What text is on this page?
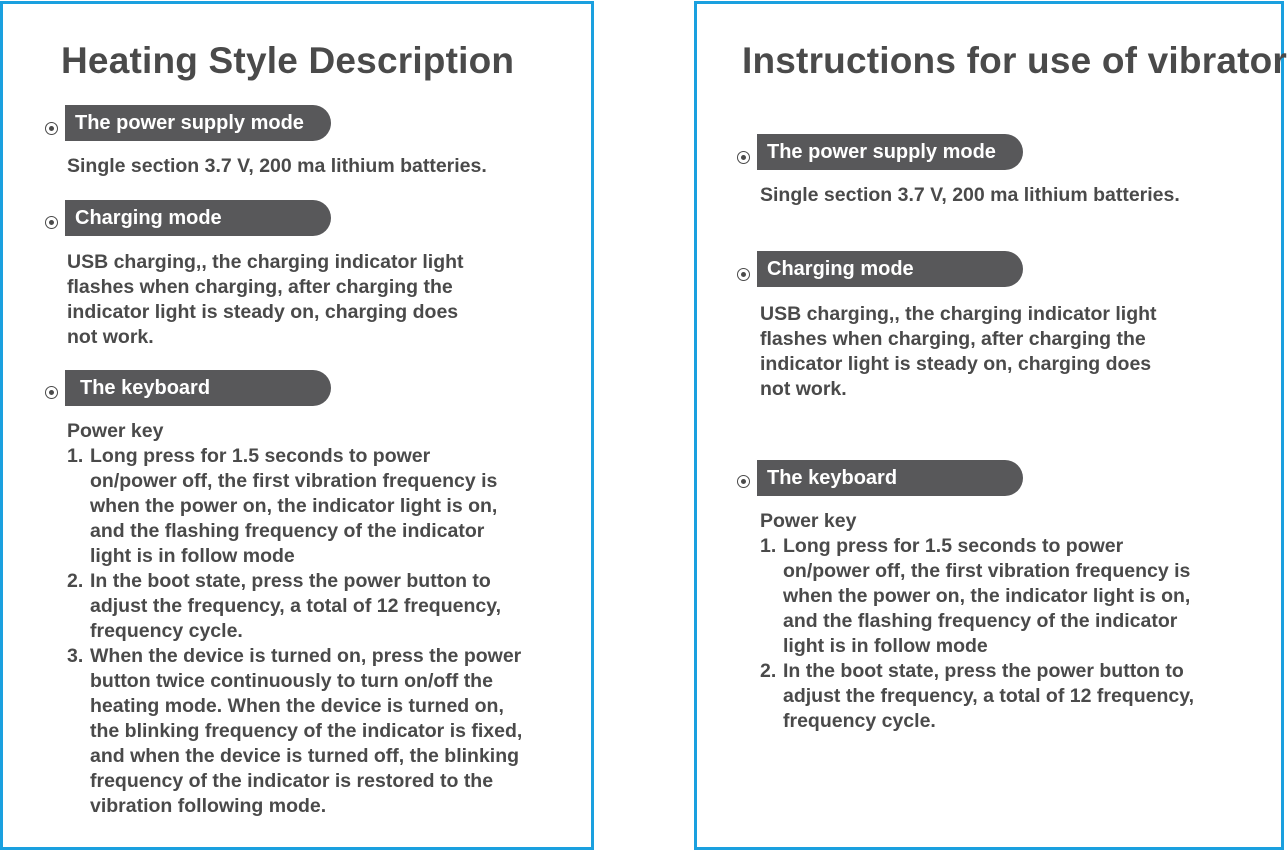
Heating Style Description
The power supply mode

Single section 3.7 V, 200 ma lithium batteries.

Charging mode

USB charging,, the charging indicator light
flashes when charging, after charging the
indicator light is steady on, charging does
not work.

The keyboard

Power key

1. Long press for 1.5 seconds to power
on/power off, the first vibration frequency is
when the power on, the indicator light is on,
and the flashing frequency of the indicator
light is in follow mode
2. In the boot state, press the power button to
adjust the frequency, a total of 12 frequency,
frequency cycle.
3. When the device is turned on, press the power
button twice continuously to turn on/off the
heating mode. When the device is turned on,
the blinking frequency of the indicator is fixed,
and when the device is turned off, the blinking
frequency of the indicator is restored to the
vibration following mode.
Instructions for use of vibrator
The power supply mode

Single section 3.7 V, 200 ma lithium batteries.

Charging mode

USB charging,, the charging indicator light
flashes when charging, after charging the
indicator light is steady on, charging does
not work.

The keyboard

Power key

1. Long press for 1.5 seconds to power
on/power off, the first vibration frequency is
when the power on, the indicator light is on,
and the flashing frequency of the indicator
light is in follow mode
2. In the boot state, press the power button to
adjust the frequency, a total of 12 frequency,
frequency cycle.
